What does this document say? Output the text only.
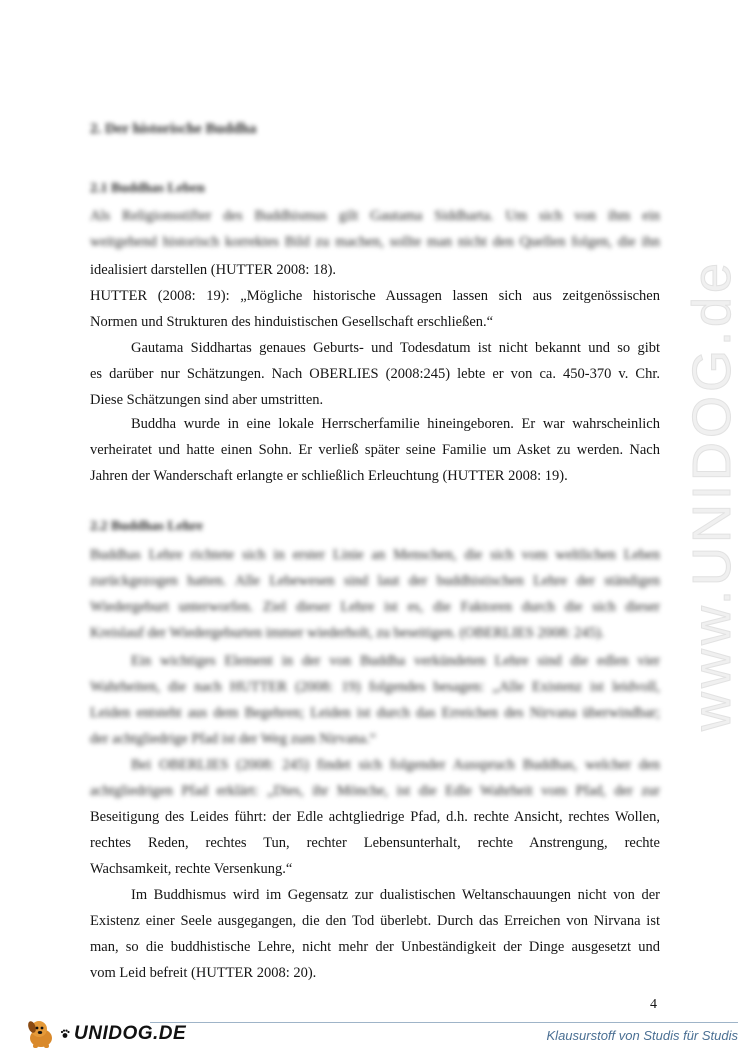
www.UNIDOG.de
2. Der historische Buddha
2.1 Buddhas Leben
Als Religionsstifter des Buddhismus gilt Gautama Siddharta. Um sich von ihm ein
weitgehend historisch korrektes Bild zu machen, sollte man nicht den Quellen folgen, die ihn
idealisiert darstellen (HUTTER 2008: 18).
HUTTER (2008: 19): „Mögliche historische Aussagen lassen sich aus zeitgenössischen
Normen und Strukturen des hinduistischen Gesellschaft erschließen.“
Gautama Siddhartas genaues Geburts- und Todesdatum ist nicht bekannt und so gibt
es darüber nur Schätzungen. Nach OBERLIES (2008:245) lebte er von ca. 450-370 v. Chr.
Diese Schätzungen sind aber umstritten.
Buddha wurde in eine lokale Herrscherfamilie hineingeboren. Er war wahrscheinlich
verheiratet und hatte einen Sohn. Er verließ später seine Familie um Asket zu werden. Nach
Jahren der Wanderschaft erlangte er schließlich Erleuchtung (HUTTER 2008: 19).
2.2 Buddhas Lehre
Buddhas Lehre richtete sich in erster Linie an Menschen, die sich vom weltlichen Leben
zurückgezogen hatten. Alle Lebewesen sind laut der buddhistischen Lehre der ständigen
Wiedergeburt unterworfen. Ziel dieser Lehre ist es, die Faktoren durch die sich dieser
Kreislauf der Wiedergeburten immer wiederholt, zu beseitigen. (OBERLIES 2008: 245).
Ein wichtiges Element in der von Buddha verkündeten Lehre sind die edlen vier
Wahrheiten, die nach HUTTER (2008: 19) folgendes besagen: „Alle Existenz ist leidvoll,
Leiden entsteht aus dem Begehren; Leiden ist durch das Erreichen des Nirvana überwindbar;
der achtgliedrige Pfad ist der Weg zum Nirvana.“
Bei OBERLIES (2008: 245) findet sich folgender Ausspruch Buddhas, welcher den
achtgliedrigen Pfad erklärt: „Dies, ihr Mönche, ist die Edle Wahrheit vom Pfad, der zur
Beseitigung des Leides führt: der Edle achtgliedrige Pfad, d.h. rechte Ansicht, rechtes Wollen,
rechtes Reden, rechtes Tun, rechter Lebensunterhalt, rechte Anstrengung, rechte
Wachsamkeit, rechte Versenkung.“
Im Buddhismus wird im Gegensatz zur dualistischen Weltanschauungen nicht von der
Existenz einer Seele ausgegangen, die den Tod überlebt. Durch das Erreichen von Nirvana ist
man, so die buddhistische Lehre, nicht mehr der Unbeständigkeit der Dinge ausgesetzt und
vom Leid befreit (HUTTER 2008: 20).
4
UNIDOG.DE	Klausurstoff von Studis für Studis
